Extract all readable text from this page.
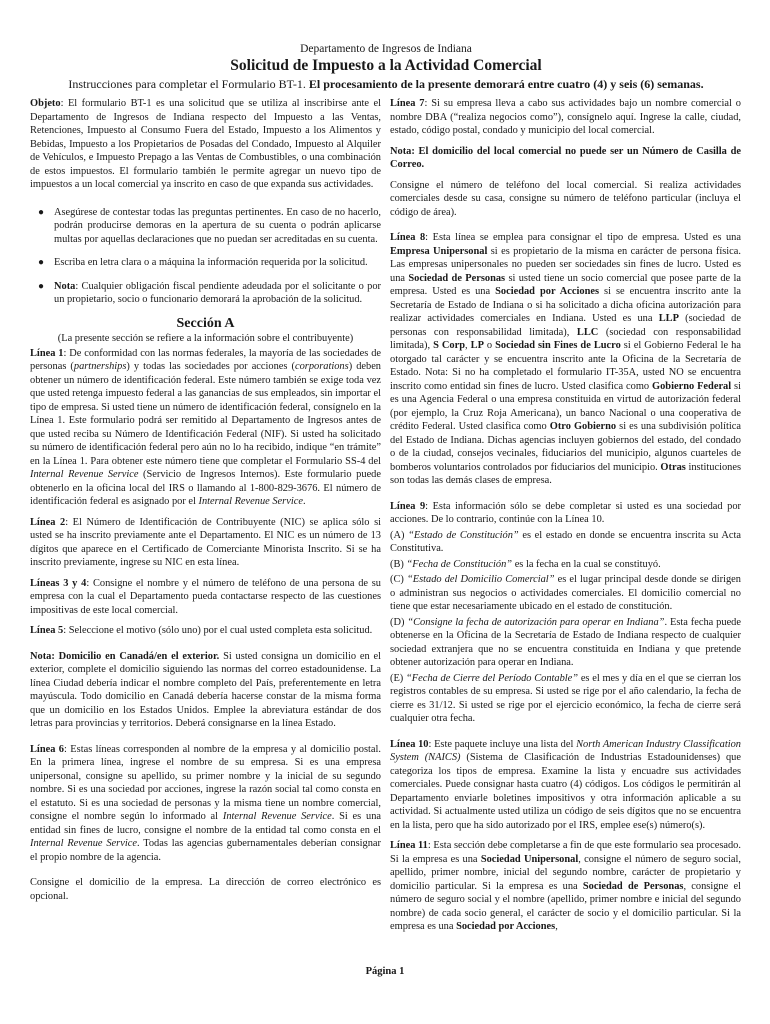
Departamento de Ingresos de Indiana
Solicitud de Impuesto a la Actividad Comercial
Instrucciones para completar el Formulario BT-1. El procesamiento de la presente demorará entre cuatro (4) y seis (6) semanas.

Objeto: El formulario BT-1 es una solicitud que se utiliza al inscribirse ante el Departamento de Ingresos de Indiana respecto del Impuesto a las Ventas, Retenciones, Impuesto al Consumo Fuera del Estado, Impuesto a los Alimentos y Bebidas, Impuesto a los Propietarios de Posadas del Condado, Impuesto al Alquiler de Vehículos, e Impuesto Prepago a las Ventas de Combustibles, o una combinación de estos impuestos. El formulario también le permite agregar un nuevo tipo de impuestos a un local comercial ya inscrito en caso de que expanda sus actividades.

● Asegúrese de contestar todas las preguntas pertinentes. En caso de no hacerlo, podrán producirse demoras en la apertura de su cuenta o podrán aplicarse multas por aquellas declaraciones que no puedan ser acreditadas en su cuenta.
● Escriba en letra clara o a máquina la información requerida por la solicitud.
● Nota: Cualquier obligación fiscal pendiente adeudada por el solicitante o por un propietario, socio o funcionario demorará la aprobación de la solicitud.
Sección A
(La presente sección se refiere a la información sobre el contribuyente)

Línea 1: De conformidad con las normas federales, la mayoría de las sociedades de personas (partnerships) y todas las sociedades por acciones (corporations) deben obtener un número de identificación federal. Este número también se exige toda vez que usted retenga impuesto federal a las ganancias de sus empleados, sin importar el tipo de empresa. Si usted tiene un número de identificación federal, consígnelo en la Línea 1. Este formulario podrá ser remitido al Departamento de Ingresos antes de que usted reciba su Número de Identificación Federal (NIF). Si usted ha solicitado su número de identificación federal pero aún no lo ha recibido, indique “en trámite” en la Línea 1. Para obtener este número tiene que completar el Formulario SS-4 del Internal Revenue Service (Servicio de Ingresos Internos). Este formulario puede obtenerlo en la oficina local del IRS o llamando al 1-800-829-3676. El número de identificación federal es asignado por el Internal Revenue Service.

Línea 2: El Número de Identificación de Contribuyente (NIC) se aplica sólo si usted se ha inscrito previamente ante el Departamento. El NIC es un número de 13 dígitos que aparece en el Certificado de Comerciante Minorista Inscrito. Si se ha inscrito previamente, ingrese su NIC en esta línea.

Líneas 3 y 4: Consigne el nombre y el número de teléfono de una persona de su empresa con la cual el Departamento pueda contactarse respecto de las cuestiones impositivas de este local comercial.

Línea 5: Seleccione el motivo (sólo uno) por el cual usted completa esta solicitud.

Nota: Domicilio en Canadá/en el exterior. Si usted consigna un domicilio en el exterior, complete el domicilio siguiendo las normas del correo estadounidense. La línea Ciudad debería indicar el nombre completo del País, preferentemente en letra mayúscula. Todo domicilio en Canadá debería hacerse constar de la misma forma que un domicilio en los Estados Unidos. Emplee la abreviatura estándar de dos letras para provincias y territorios. Deberá consignarse en la línea Estado.

Línea 6: Estas líneas corresponden al nombre de la empresa y al domicilio postal. En la primera línea, ingrese el nombre de su empresa. Si es una empresa unipersonal, consigne su apellido, su primer nombre y la inicial de su segundo nombre. Si es una sociedad por acciones, ingrese la razón social tal como consta en el estatuto. Si es una sociedad de personas y la misma tiene un nombre comercial, consigne el nombre según lo informado al Internal Revenue Service. Si es una entidad sin fines de lucro, consigne el nombre de la entidad tal como consta en el Internal Revenue Service. Todas las agencias gubernamentales deberían consignar el propio nombre de la agencia.

Consigne el domicilio de la empresa. La dirección de correo electrónico es opcional.

Línea 7: Si su empresa lleva a cabo sus actividades bajo un nombre comercial o nombre DBA (“realiza negocios como”), consígnelo aquí. Ingrese la calle, ciudad, estado, código postal, condado y municipio del local comercial.

Nota: El domicilio del local comercial no puede ser un Número de Casilla de Correo.

Consigne el número de teléfono del local comercial. Si realiza actividades comerciales desde su casa, consigne su número de teléfono particular (incluya el código de área).

Línea 8: Esta línea se emplea para consignar el tipo de empresa. Usted es una Empresa Unipersonal si es propietario de la misma en carácter de persona física. Las empresas unipersonales no pueden ser sociedades sin fines de lucro. Usted es una Sociedad de Personas si usted tiene un socio comercial que posee parte de la empresa. Usted es una Sociedad por Acciones si se encuentra inscrito ante la Secretaría de Estado de Indiana o si ha solicitado a dicha oficina autorización para realizar actividades comerciales en Indiana. Usted es una LLP (sociedad de personas con responsabilidad limitada), LLC (sociedad con responsabilidad limitada), S Corp, LP o Sociedad sin Fines de Lucro si el Gobierno Federal le ha otorgado tal carácter y se encuentra inscrito ante la Oficina de la Secretaría de Estado. Nota: Si no ha completado el formulario IT-35A, usted NO se encuentra inscrito como entidad sin fines de lucro. Usted clasifica como Gobierno Federal si es una Agencia Federal o una empresa constituida en virtud de autorización federal (por ejemplo, la Cruz Roja Americana), un banco Nacional o una cooperativa de crédito Federal. Usted clasifica como Otro Gobierno si es una subdivisión política del Estado de Indiana. Dichas agencias incluyen gobiernos del estado, del condado o de la ciudad, consejos vecinales, fiduciarios del municipio, algunos cuarteles de bomberos voluntarios controlados por fiduciarios del municipio. Otras instituciones son todas las demás clases de empresa.

Línea 9: Esta información sólo se debe completar si usted es una sociedad por acciones. De lo contrario, continúe con la Línea 10.

(A) “Estado de Constitución” es el estado en donde se encuentra inscrita su Acta Constitutiva.

(B) “Fecha de Constitución” es la fecha en la cual se constituyó.

(C) “Estado del Domicilio Comercial” es el lugar principal desde donde se dirigen o administran sus negocios o actividades comerciales. El domicilio comercial no tiene que estar necesariamente ubicado en el estado de constitución.

(D) “Consigne la fecha de autorización para operar en Indiana”. Esta fecha puede obtenerse en la Oficina de la Secretaría de Estado de Indiana respecto de cualquier sociedad extranjera que no se encuentra constituida en Indiana y que pretende obtener autorización para operar en Indiana.

(E) “Fecha de Cierre del Período Contable” es el mes y día en el que se cierran los registros contables de su empresa. Si usted se rige por el año calendario, la fecha de cierre es 31/12. Si usted se rige por el ejercicio económico, la fecha de cierre será cualquier otra fecha.

Línea 10: Este paquete incluye una lista del North American Industry Classification System (NAICS) (Sistema de Clasificación de Industrias Estadounidenses) que categoriza los tipos de empresa. Examine la lista y encuadre sus actividades comerciales. Puede consignar hasta cuatro (4) códigos. Los códigos le permitirán al Departamento enviarle boletines impositivos y otra información aplicable a su actividad. Si actualmente usted utiliza un código de seis dígitos que no se encuentra en la lista, pero que ha sido autorizado por el IRS, emplee ese(s) número(s).

Línea 11: Esta sección debe completarse a fin de que este formulario sea procesado. Si la empresa es una Sociedad Unipersonal, consigne el número de seguro social, apellido, primer nombre, inicial del segundo nombre, carácter de propietario y domicilio particular. Si la empresa es una Sociedad de Personas, consigne el número de seguro social y el nombre (apellido, primer nombre e inicial del segundo nombre) de cada socio general, el carácter de socio y el domicilio particular. Si la empresa es una Sociedad por Acciones,

Página 1
